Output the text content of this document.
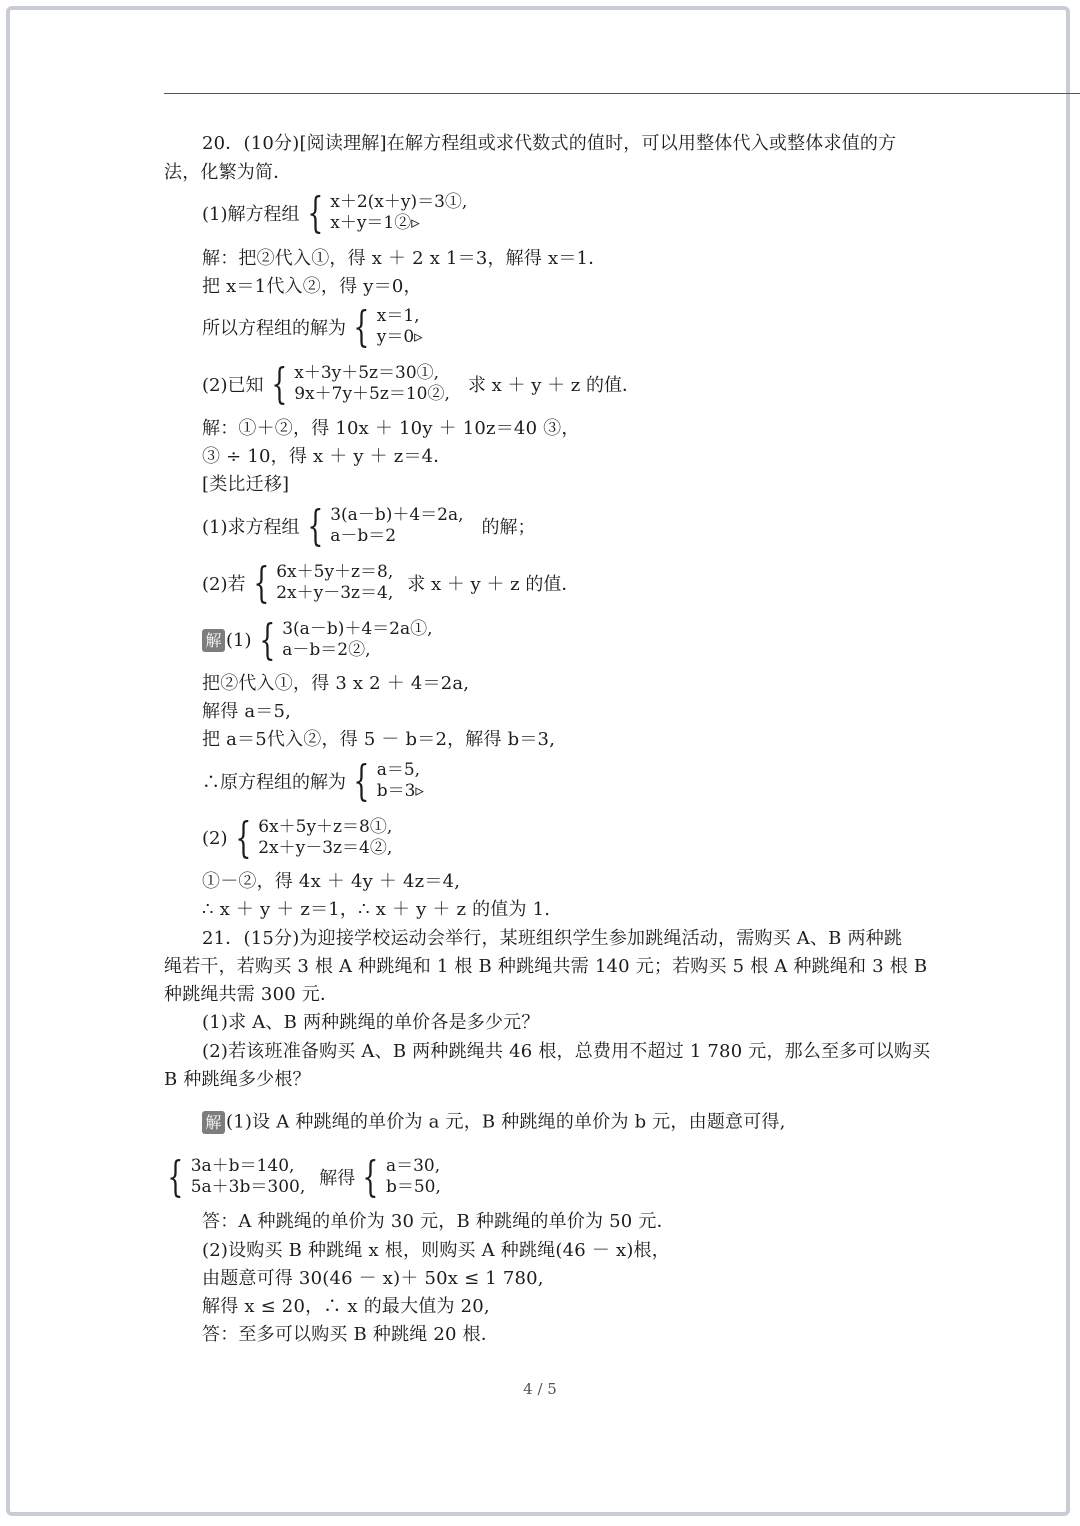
20．(10分)[阅读理解]在解方程组或求代数式的值时，可以用整体代入或整体求值的方
法，化繁为简．
(1)解方程组 { x＋2(x＋y)＝3①,
x＋y＝1②▹
解：把②代入①，得 x ＋ 2 x 1＝3，解得 x＝1．
把 x＝1代入②，得 y＝0，
所以方程组的解为 { x＝1,
y＝0▹
(2)已知 { x＋3y＋5z＝30①,
9x＋7y＋5z＝10②, 求 x ＋ y ＋ z 的值．
解：①＋②，得 10x ＋ 10y ＋ 10z＝40 ③，
③ ÷ 10，得 x ＋ y ＋ z＝4．
[类比迁移]
(1)求方程组 { 3(a－b)＋4＝2a,
a－b＝2	的解；
(2)若 { 6x＋5y＋z＝8,
2x＋y－3z＝4, 求 x ＋ y ＋ z 的值．
解 (1) { 3(a－b)＋4＝2a①,
a－b＝2②,
把②代入①，得 3 x 2 ＋ 4＝2a,
解得 a＝5,
把 a＝5代入②，得 5 － b＝2，解得 b＝3,
∴原方程组的解为 { a＝5,
b＝3▹
(2) { 6x＋5y＋z＝8①,
2x＋y－3z＝4②,
①－②，得 4x ＋ 4y ＋ 4z＝4,
∴ x ＋ y ＋ z＝1，∴ x ＋ y ＋ z 的值为 1.
21．(15分)为迎接学校运动会举行，某班组织学生参加跳绳活动，需购买 A、B 两种跳
绳若干，若购买 3 根 A 种跳绳和 1 根 B 种跳绳共需 140 元；若购买 5 根 A 种跳绳和 3 根 B
种跳绳共需 300 元．
(1)求 A、B 两种跳绳的单价各是多少元？
(2)若该班准备购买 A、B 两种跳绳共 46 根，总费用不超过 1 780 元，那么至多可以购买
B 种跳绳多少根？
解 (1)设 A 种跳绳的单价为 a 元，B 种跳绳的单价为 b 元，由题意可得,
{ 3a＋b＝140,
5a＋3b＝300, 解得 { a＝30,
b＝50,
答：A 种跳绳的单价为 30 元，B 种跳绳的单价为 50 元．
(2)设购买 B 种跳绳 x 根，则购买 A 种跳绳(46 － x)根，
由题意可得 30(46 － x)＋ 50x ≤ 1 780,
解得 x ≤ 20，∴ x 的最大值为 20,
答：至多可以购买 B 种跳绳 20 根．
4 / 5
